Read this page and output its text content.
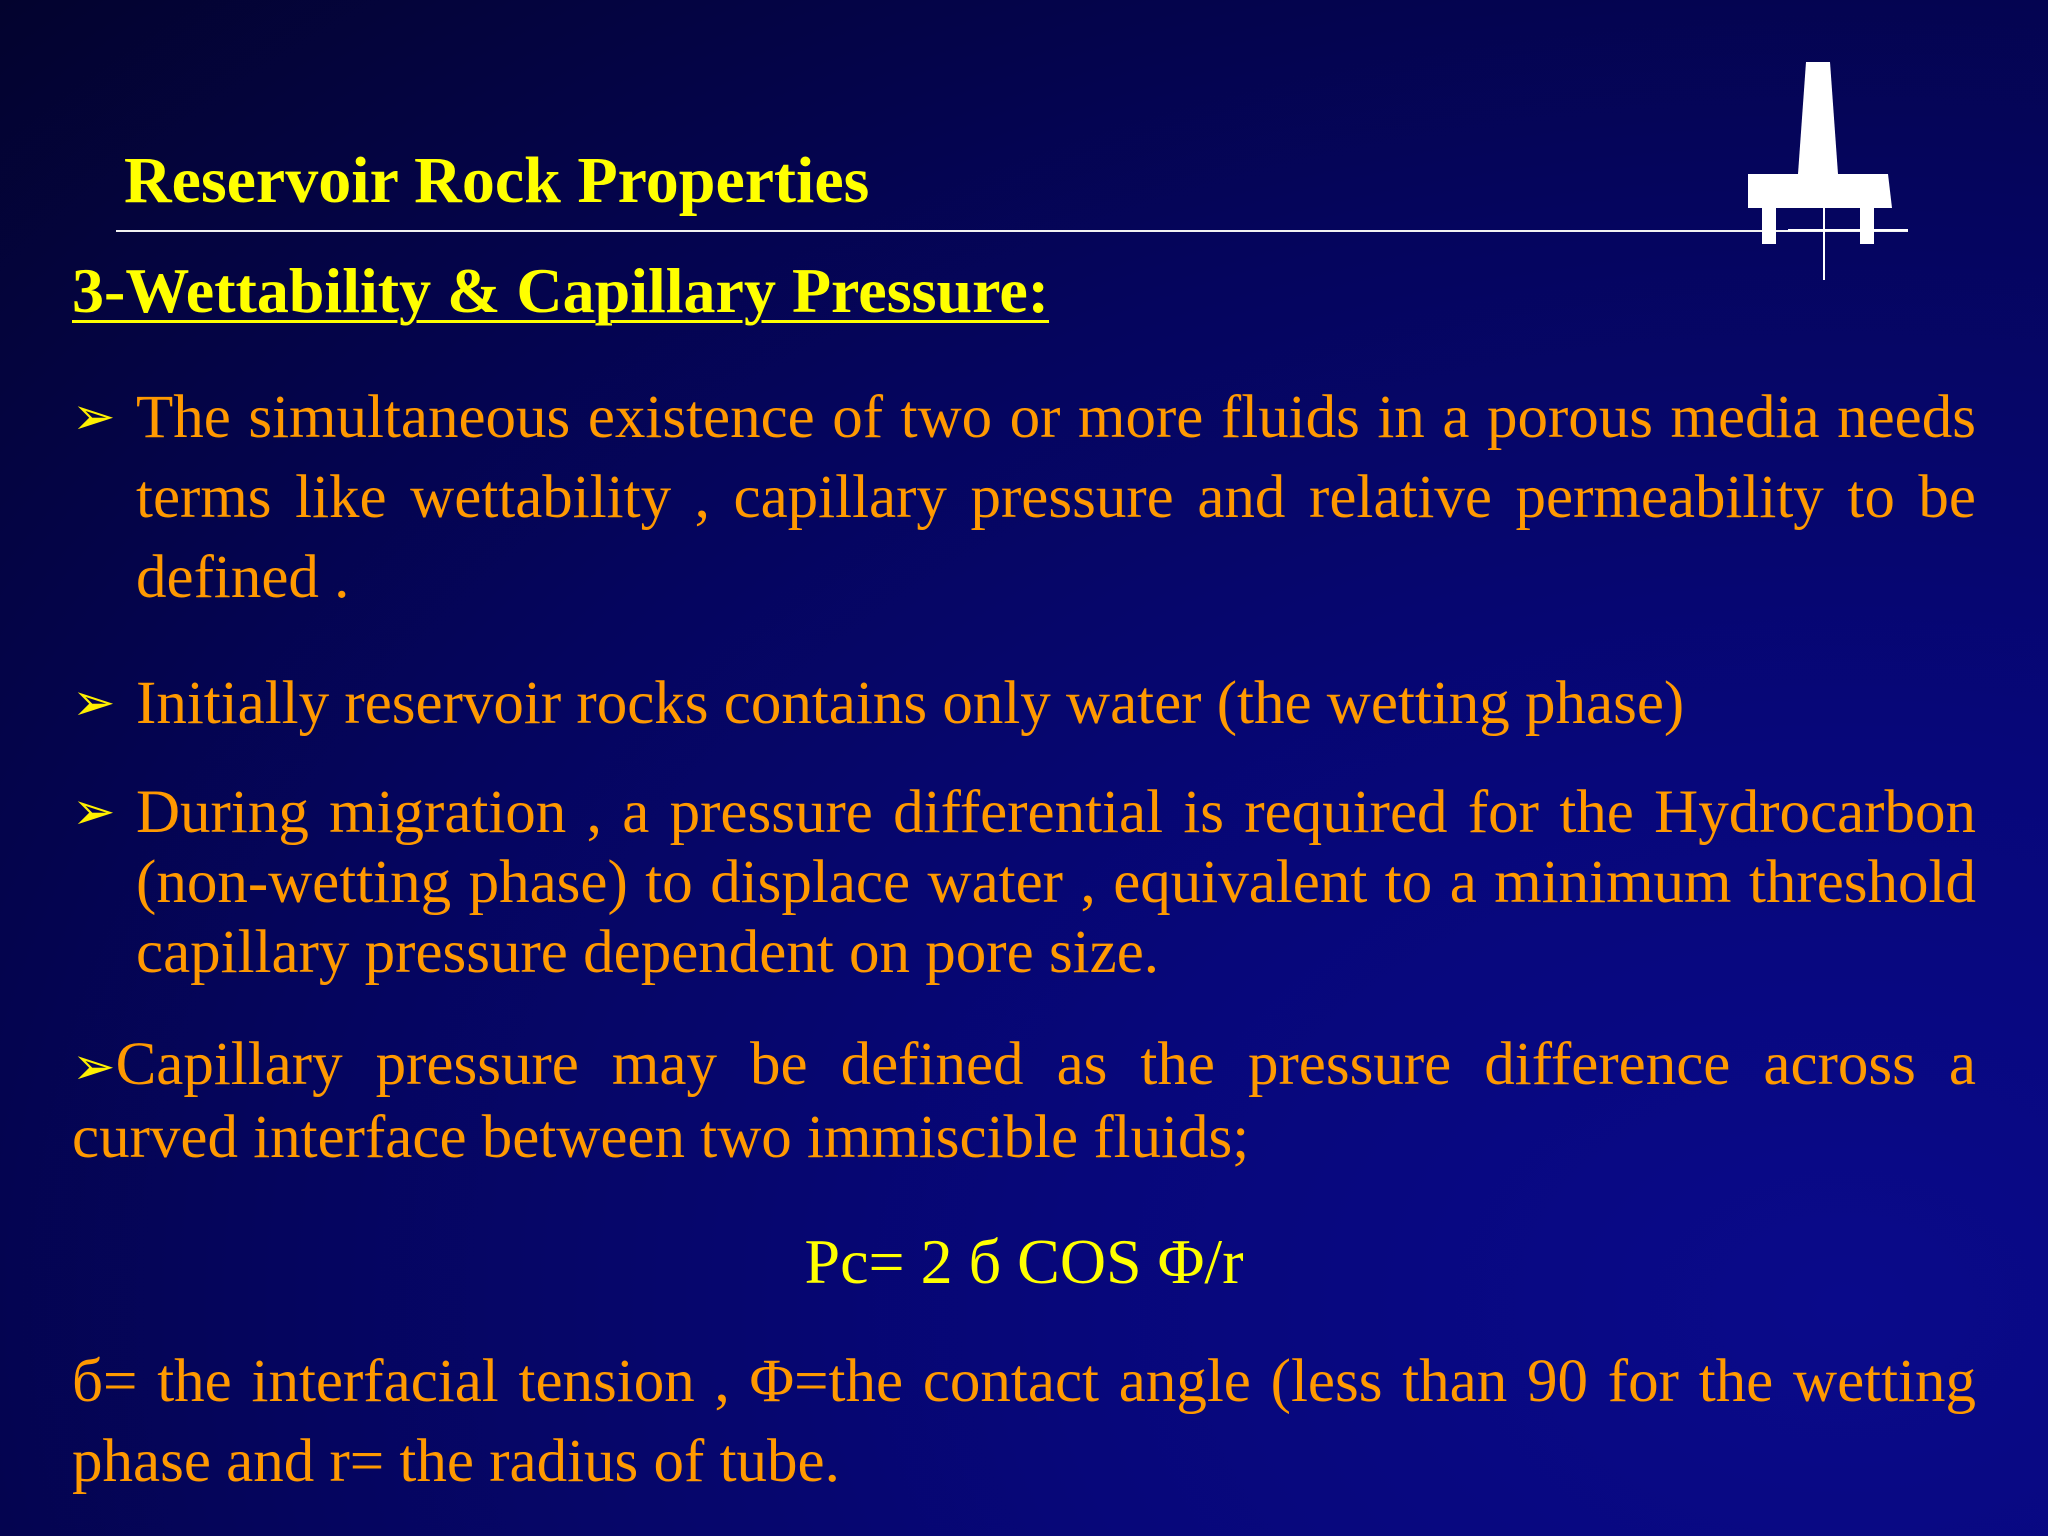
Reservoir Rock Properties
3-Wettability & Capillary Pressure:
➢ The simultaneous existence of two or more fluids in a porous media needs terms like wettability , capillary pressure and relative permeability to be defined .
➢ Initially reservoir rocks contains only water (the wetting phase)
➢ During migration , a pressure differential is required for the Hydrocarbon (non-wetting phase) to displace water , equivalent to a minimum threshold capillary pressure dependent on pore size.
➢Capillary pressure may be defined as the pressure difference across a curved interface between two immiscible fluids;
Pc= 2 б COS Φ/r
б= the interfacial tension , Φ=the contact angle (less than 90 for the wetting phase and r= the radius of tube.
